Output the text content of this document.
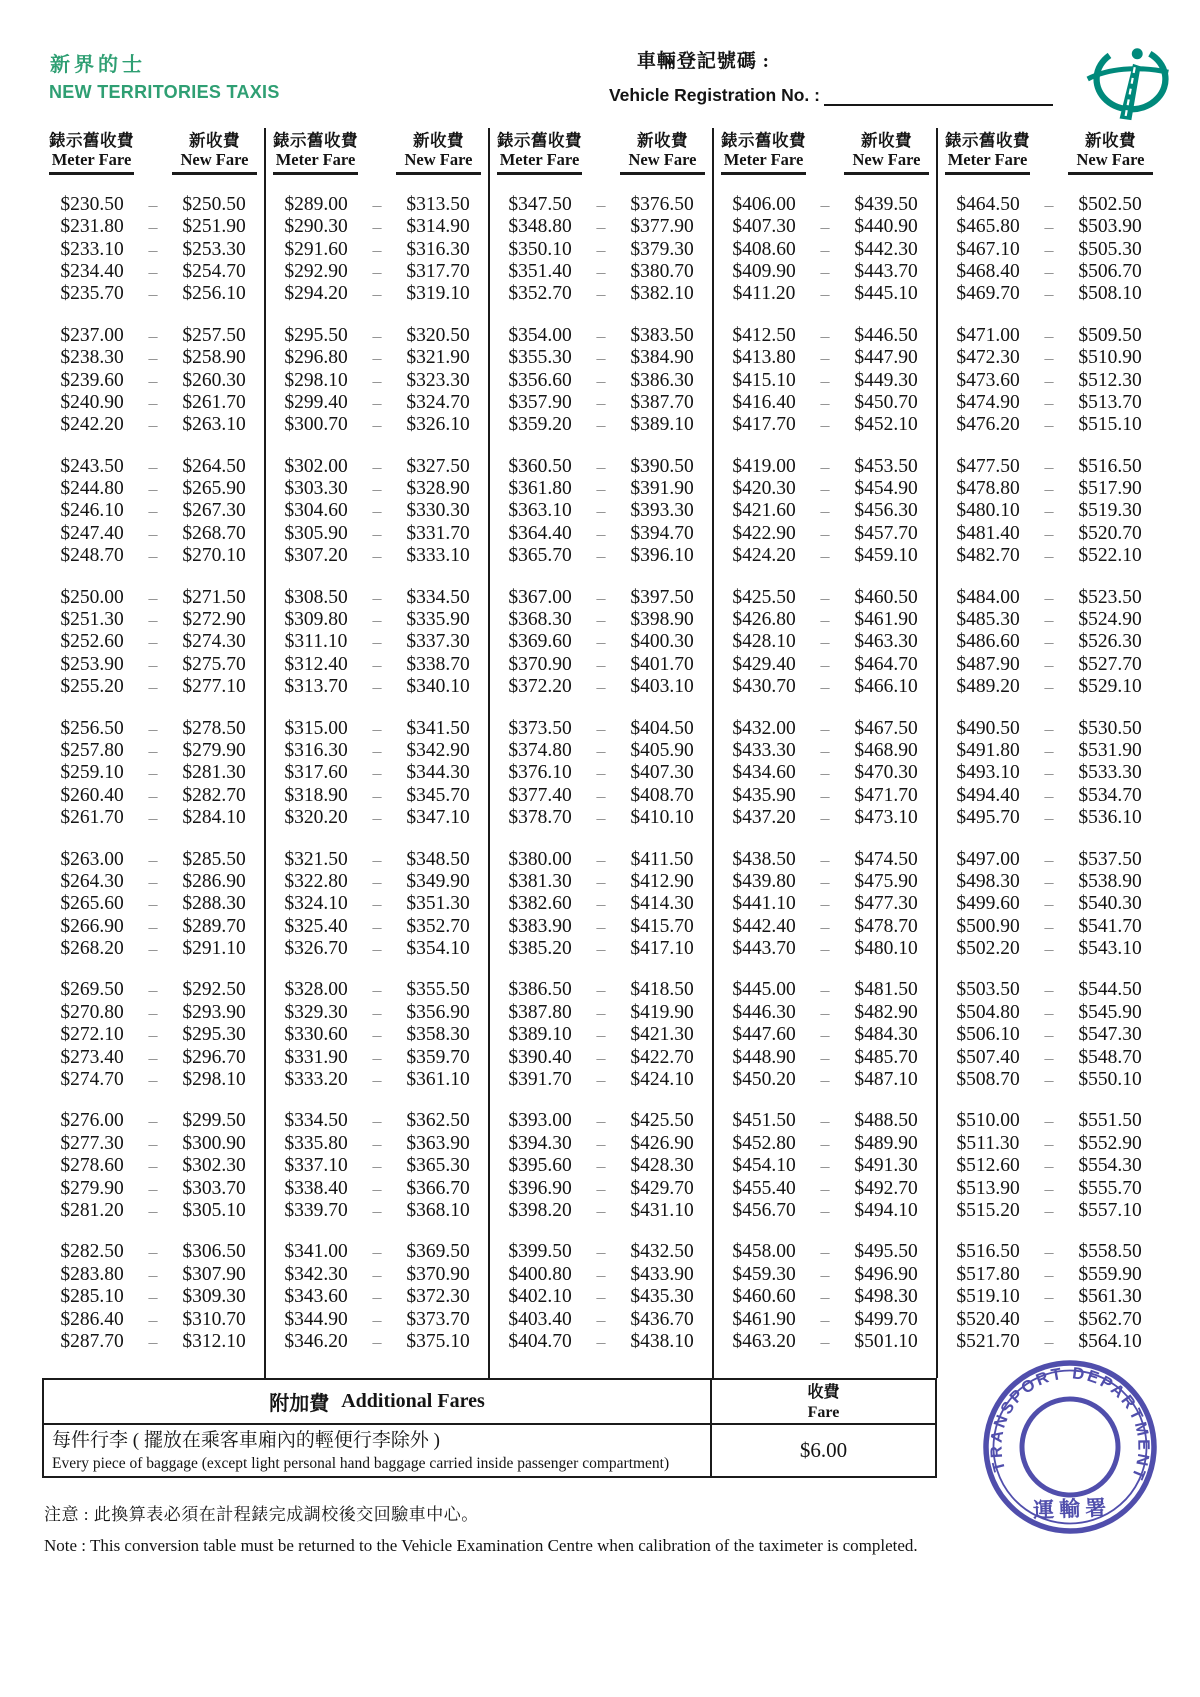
新界的士
NEW TERRITORIES TAXIS
車輛登記號碼 :
Vehicle Registration No. :
錶示舊收費
Meter Fare
新收費
New Fare
$230.50	–	$250.50
$231.80	–	$251.90
$233.10	–	$253.30
$234.40	–	$254.70
$235.70	–	$256.10
$237.00	–	$257.50
$238.30	–	$258.90
$239.60	–	$260.30
$240.90	–	$261.70
$242.20	–	$263.10
$243.50	–	$264.50
$244.80	–	$265.90
$246.10	–	$267.30
$247.40	–	$268.70
$248.70	–	$270.10
$250.00	–	$271.50
$251.30	–	$272.90
$252.60	–	$274.30
$253.90	–	$275.70
$255.20	–	$277.10
$256.50	–	$278.50
$257.80	–	$279.90
$259.10	–	$281.30
$260.40	–	$282.70
$261.70	–	$284.10
$263.00	–	$285.50
$264.30	–	$286.90
$265.60	–	$288.30
$266.90	–	$289.70
$268.20	–	$291.10
$269.50	–	$292.50
$270.80	–	$293.90
$272.10	–	$295.30
$273.40	–	$296.70
$274.70	–	$298.10
$276.00	–	$299.50
$277.30	–	$300.90
$278.60	–	$302.30
$279.90	–	$303.70
$281.20	–	$305.10
$282.50	–	$306.50
$283.80	–	$307.90
$285.10	–	$309.30
$286.40	–	$310.70
$287.70	–	$312.10
錶示舊收費
Meter Fare
新收費
New Fare
$289.00	–	$313.50
$290.30	–	$314.90
$291.60	–	$316.30
$292.90	–	$317.70
$294.20	–	$319.10
$295.50	–	$320.50
$296.80	–	$321.90
$298.10	–	$323.30
$299.40	–	$324.70
$300.70	–	$326.10
$302.00	–	$327.50
$303.30	–	$328.90
$304.60	–	$330.30
$305.90	–	$331.70
$307.20	–	$333.10
$308.50	–	$334.50
$309.80	–	$335.90
$311.10	–	$337.30
$312.40	–	$338.70
$313.70	–	$340.10
$315.00	–	$341.50
$316.30	–	$342.90
$317.60	–	$344.30
$318.90	–	$345.70
$320.20	–	$347.10
$321.50	–	$348.50
$322.80	–	$349.90
$324.10	–	$351.30
$325.40	–	$352.70
$326.70	–	$354.10
$328.00	–	$355.50
$329.30	–	$356.90
$330.60	–	$358.30
$331.90	–	$359.70
$333.20	–	$361.10
$334.50	–	$362.50
$335.80	–	$363.90
$337.10	–	$365.30
$338.40	–	$366.70
$339.70	–	$368.10
$341.00	–	$369.50
$342.30	–	$370.90
$343.60	–	$372.30
$344.90	–	$373.70
$346.20	–	$375.10
錶示舊收費
Meter Fare
新收費
New Fare
$347.50	–	$376.50
$348.80	–	$377.90
$350.10	–	$379.30
$351.40	–	$380.70
$352.70	–	$382.10
$354.00	–	$383.50
$355.30	–	$384.90
$356.60	–	$386.30
$357.90	–	$387.70
$359.20	–	$389.10
$360.50	–	$390.50
$361.80	–	$391.90
$363.10	–	$393.30
$364.40	–	$394.70
$365.70	–	$396.10
$367.00	–	$397.50
$368.30	–	$398.90
$369.60	–	$400.30
$370.90	–	$401.70
$372.20	–	$403.10
$373.50	–	$404.50
$374.80	–	$405.90
$376.10	–	$407.30
$377.40	–	$408.70
$378.70	–	$410.10
$380.00	–	$411.50
$381.30	–	$412.90
$382.60	–	$414.30
$383.90	–	$415.70
$385.20	–	$417.10
$386.50	–	$418.50
$387.80	–	$419.90
$389.10	–	$421.30
$390.40	–	$422.70
$391.70	–	$424.10
$393.00	–	$425.50
$394.30	–	$426.90
$395.60	–	$428.30
$396.90	–	$429.70
$398.20	–	$431.10
$399.50	–	$432.50
$400.80	–	$433.90
$402.10	–	$435.30
$403.40	–	$436.70
$404.70	–	$438.10
錶示舊收費
Meter Fare
新收費
New Fare
$406.00	–	$439.50
$407.30	–	$440.90
$408.60	–	$442.30
$409.90	–	$443.70
$411.20	–	$445.10
$412.50	–	$446.50
$413.80	–	$447.90
$415.10	–	$449.30
$416.40	–	$450.70
$417.70	–	$452.10
$419.00	–	$453.50
$420.30	–	$454.90
$421.60	–	$456.30
$422.90	–	$457.70
$424.20	–	$459.10
$425.50	–	$460.50
$426.80	–	$461.90
$428.10	–	$463.30
$429.40	–	$464.70
$430.70	–	$466.10
$432.00	–	$467.50
$433.30	–	$468.90
$434.60	–	$470.30
$435.90	–	$471.70
$437.20	–	$473.10
$438.50	–	$474.50
$439.80	–	$475.90
$441.10	–	$477.30
$442.40	–	$478.70
$443.70	–	$480.10
$445.00	–	$481.50
$446.30	–	$482.90
$447.60	–	$484.30
$448.90	–	$485.70
$450.20	–	$487.10
$451.50	–	$488.50
$452.80	–	$489.90
$454.10	–	$491.30
$455.40	–	$492.70
$456.70	–	$494.10
$458.00	–	$495.50
$459.30	–	$496.90
$460.60	–	$498.30
$461.90	–	$499.70
$463.20	–	$501.10
錶示舊收費
Meter Fare
新收費
New Fare
$464.50	–	$502.50
$465.80	–	$503.90
$467.10	–	$505.30
$468.40	–	$506.70
$469.70	–	$508.10
$471.00	–	$509.50
$472.30	–	$510.90
$473.60	–	$512.30
$474.90	–	$513.70
$476.20	–	$515.10
$477.50	–	$516.50
$478.80	–	$517.90
$480.10	–	$519.30
$481.40	–	$520.70
$482.70	–	$522.10
$484.00	–	$523.50
$485.30	–	$524.90
$486.60	–	$526.30
$487.90	–	$527.70
$489.20	–	$529.10
$490.50	–	$530.50
$491.80	–	$531.90
$493.10	–	$533.30
$494.40	–	$534.70
$495.70	–	$536.10
$497.00	–	$537.50
$498.30	–	$538.90
$499.60	–	$540.30
$500.90	–	$541.70
$502.20	–	$543.10
$503.50	–	$544.50
$504.80	–	$545.90
$506.10	–	$547.30
$507.40	–	$548.70
$508.70	–	$550.10
$510.00	–	$551.50
$511.30	–	$552.90
$512.60	–	$554.30
$513.90	–	$555.70
$515.20	–	$557.10
$516.50	–	$558.50
$517.80	–	$559.90
$519.10	–	$561.30
$520.40	–	$562.70
$521.70	–	$564.10
附加費 Additional Fares	收費
Fare
每件行李 ( 擺放在乘客車廂內的輕便行李除外 )
Every piece of baggage (except light personal hand baggage carried inside passenger compartment)
$6.00
注意 : 此換算表必須在計程錶完成調校後交回驗車中心。
Note : This conversion table must be returned to the Vehicle Examination Centre when calibration of the taximeter is completed.
TRANSPORT DEPARTMENT
運輸署
